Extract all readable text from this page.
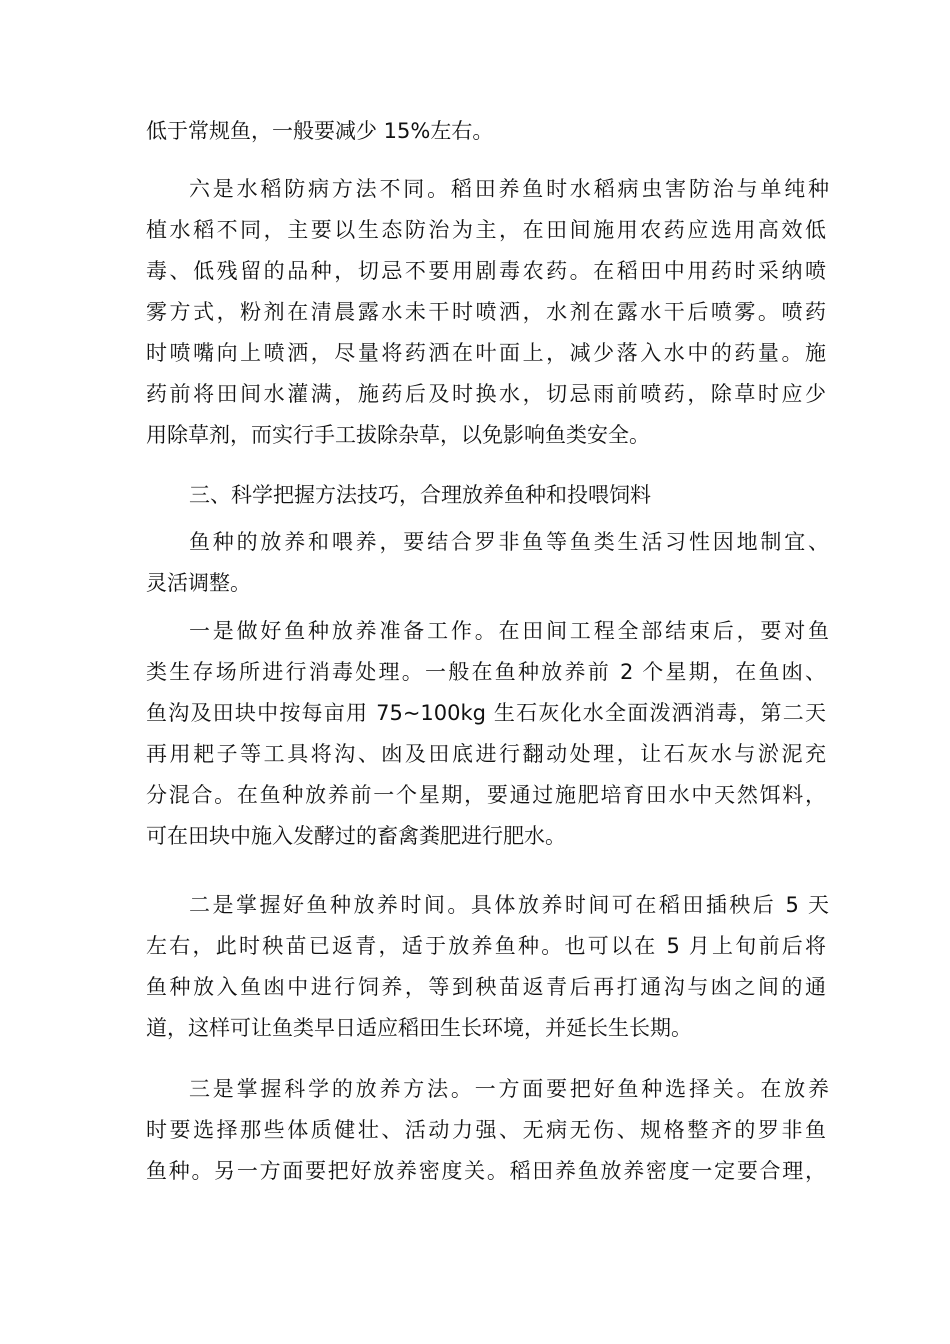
低于常规鱼，一般要减少 15%左右。
六是水稻防病方法不同。稻田养鱼时水稻病虫害防治与单纯种
植水稻不同，主要以生态防治为主，在田间施用农药应选用高效低
毒、低残留的品种，切忌不要用剧毒农药。在稻田中用药时采纳喷
雾方式，粉剂在清晨露水未干时喷洒，水剂在露水干后喷雾。喷药
时喷嘴向上喷洒，尽量将药洒在叶面上，减少落入水中的药量。施
药前将田间水灌满，施药后及时换水，切忌雨前喷药，除草时应少
用除草剂，而实行手工拔除杂草，以免影响鱼类安全。
三、科学把握方法技巧，合理放养鱼种和投喂饲料
鱼种的放养和喂养，要结合罗非鱼等鱼类生活习性因地制宜、
灵活调整。
一是做好鱼种放养准备工作。在田间工程全部结束后，要对鱼
类生存场所进行消毒处理。一般在鱼种放养前 2 个星期，在鱼凼、
鱼沟及田块中按每亩用 75~100kg 生石灰化水全面泼洒消毒，第二天
再用耙子等工具将沟、凼及田底进行翻动处理，让石灰水与淤泥充
分混合。在鱼种放养前一个星期，要通过施肥培育田水中天然饵料，
可在田块中施入发酵过的畜禽粪肥进行肥水。
二是掌握好鱼种放养时间。具体放养时间可在稻田插秧后 5 天
左右，此时秧苗已返青，适于放养鱼种。也可以在 5 月上旬前后将
鱼种放入鱼凼中进行饲养，等到秧苗返青后再打通沟与凼之间的通
道，这样可让鱼类早日适应稻田生长环境，并延长生长期。
三是掌握科学的放养方法。一方面要把好鱼种选择关。在放养
时要选择那些体质健壮、活动力强、无病无伤、规格整齐的罗非鱼
鱼种。另一方面要把好放养密度关。稻田养鱼放养密度一定要合理，
